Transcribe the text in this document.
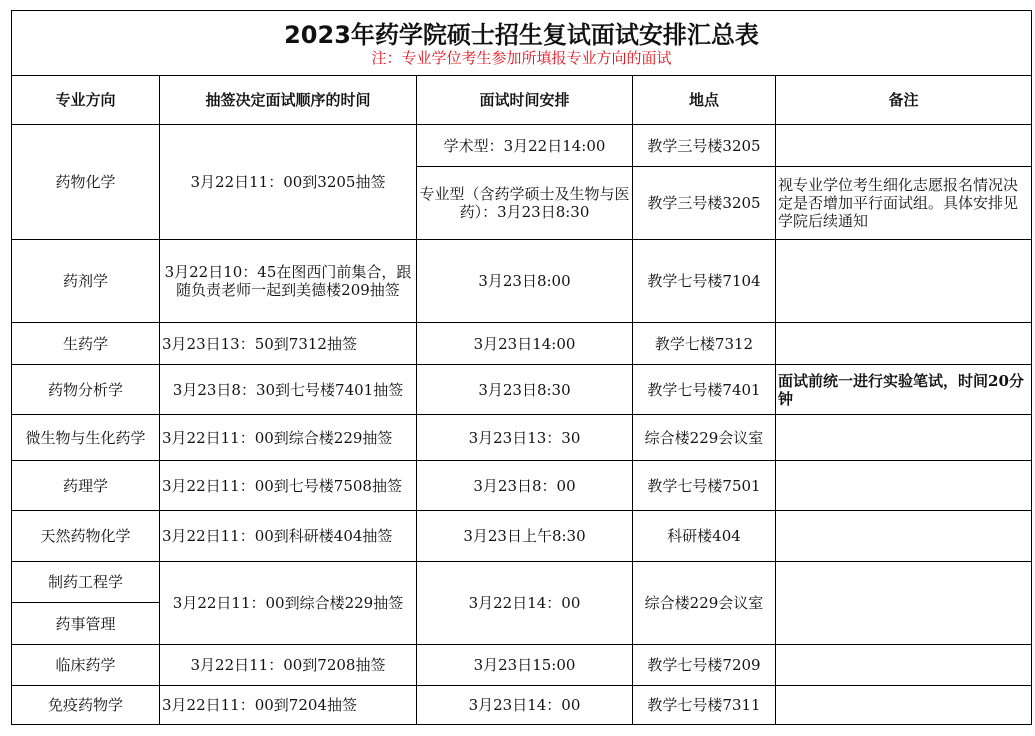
2023年药学院硕士招生复试面试安排汇总表
注：专业学位考生参加所填报专业方向的面试				

专业方向	抽签决定面试顺序的时间	面试时间安排	地点	备注
药物化学	3月22日11：00到3205抽签	学术型：3月22日14:00	教学三号楼3205	
		专业型（含药学硕士及生物与医药）：3月23日8:30	教学三号楼3205	视专业学位考生细化志愿报名情况决定是否增加平行面试组。具体安排见学院后续通知
药剂学	3月22日10：45在图西门前集合，跟随负责老师一起到美德楼209抽签	3月23日8:00	教学七号楼7104	
生药学	3月23日13：50到7312抽签	3月23日14:00	教学七楼7312	
药物分析学	3月23日8：30到七号楼7401抽签	3月23日8:30	教学七号楼7401	面试前统一进行实验笔试，时间20分钟
微生物与生化药学	3月22日11：00到综合楼229抽签	3月23日13：30	综合楼229会议室	
药理学	3月22日11：00到七号楼7508抽签	3月23日8：00	教学七号楼7501	
天然药物化学	3月22日11：00到科研楼404抽签	3月23日上午8:30	科研楼404	
制药工程学	3月22日11：00到综合楼229抽签	3月22日14：00	综合楼229会议室	
药事管理				
临床药学	3月22日11：00到7208抽签	3月23日15:00	教学七号楼7209	
免疫药物学	3月22日11：00到7204抽签	3月23日14：00	教学七号楼7311	
